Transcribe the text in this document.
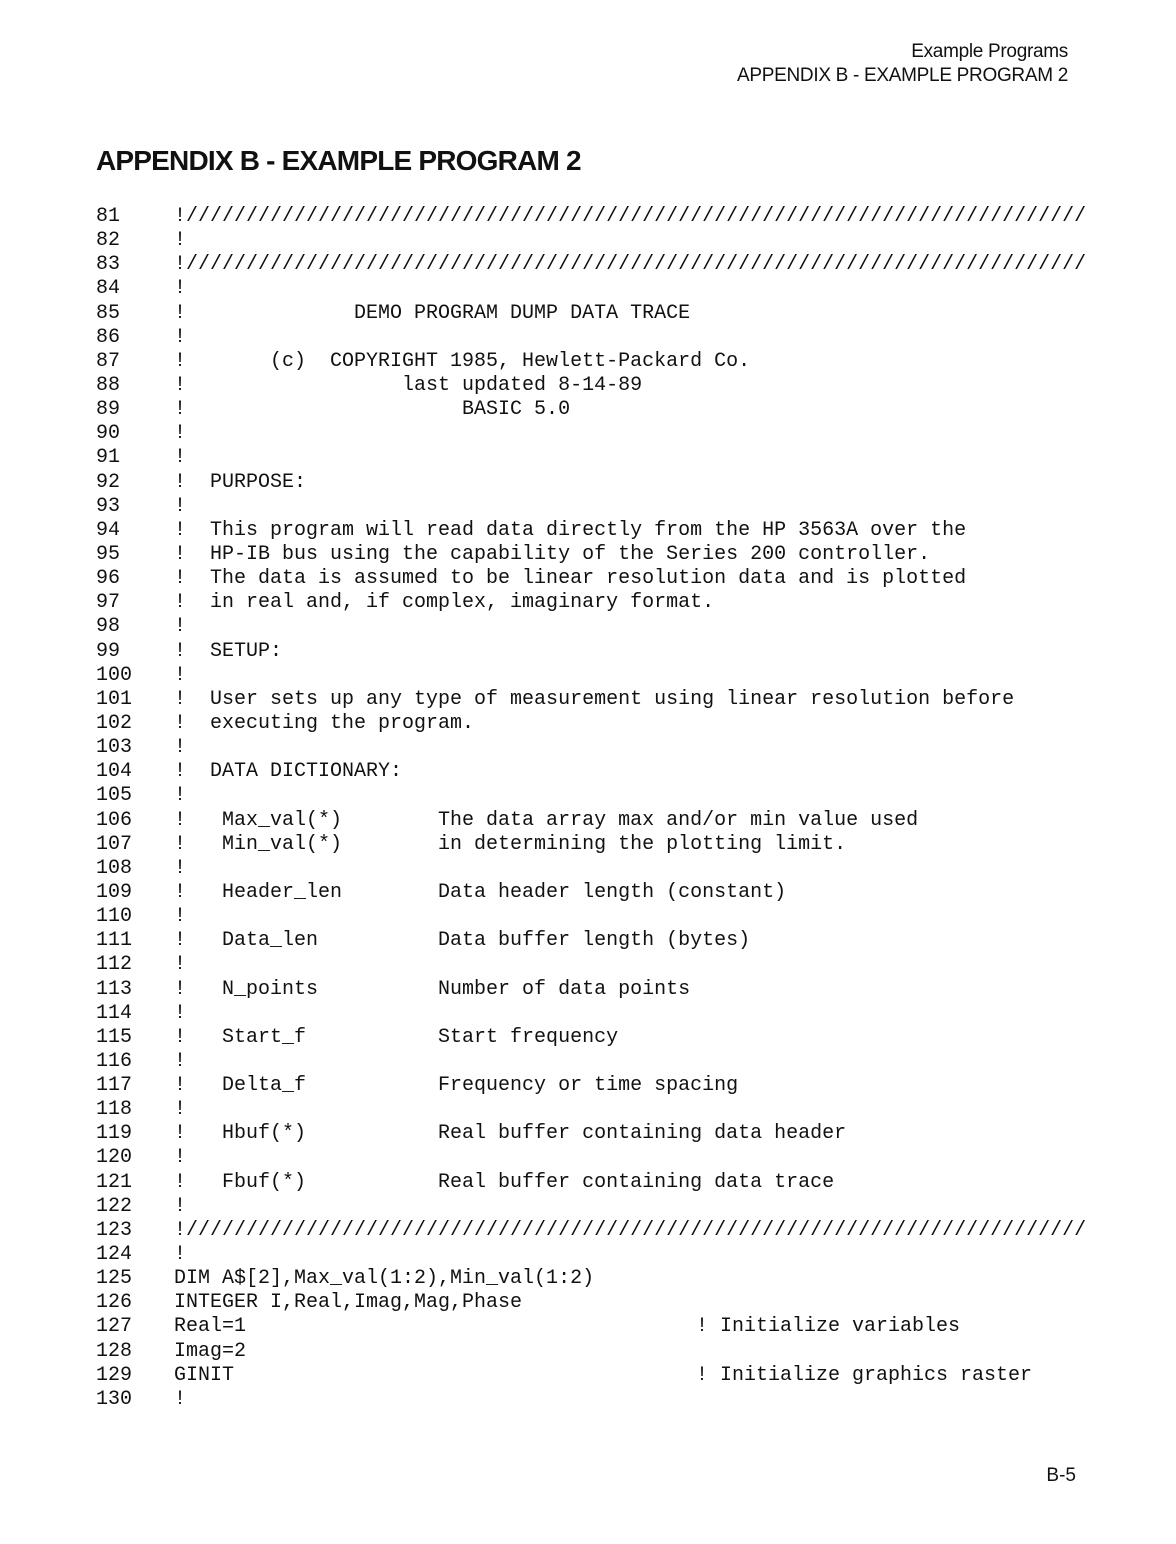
Example Programs
APPENDIX B - EXAMPLE PROGRAM 2
APPENDIX B - EXAMPLE PROGRAM 2
81	!///////////////////////////////////////////////////////////////////////////
82	!
83	!///////////////////////////////////////////////////////////////////////////
84	!
85	!              DEMO PROGRAM DUMP DATA TRACE
86	!
87	!       (c)  COPYRIGHT 1985, Hewlett-Packard Co.
88	!                  last updated 8-14-89
89	!                       BASIC 5.0
90	!
91	!
92	!  PURPOSE:
93	!
94	!  This program will read data directly from the HP 3563A over the
95	!  HP-IB bus using the capability of the Series 200 controller.
96	!  The data is assumed to be linear resolution data and is plotted
97	!  in real and, if complex, imaginary format.
98	!
99	!  SETUP:
100	!
101	!  User sets up any type of measurement using linear resolution before
102	!  executing the program.
103	!
104	!  DATA DICTIONARY:
105	!
106	!   Max_val(*)        The data array max and/or min value used
107	!   Min_val(*)        in determining the plotting limit.
108	!
109	!   Header_len        Data header length (constant)
110	!
111	!   Data_len          Data buffer length (bytes)
112	!
113	!   N_points          Number of data points
114	!
115	!   Start_f           Start frequency
116	!
117	!   Delta_f           Frequency or time spacing
118	!
119	!   Hbuf(*)           Real buffer containing data header
120	!
121	!   Fbuf(*)           Real buffer containing data trace
122	!
123	!///////////////////////////////////////////////////////////////////////////
124	!
125	DIM A$[2],Max_val(1:2),Min_val(1:2)
126	INTEGER I,Real,Imag,Mag,Phase
127	Real=1	! Initialize variables
128	Imag=2
129	GINIT	! Initialize graphics raster
130	!
B-5
